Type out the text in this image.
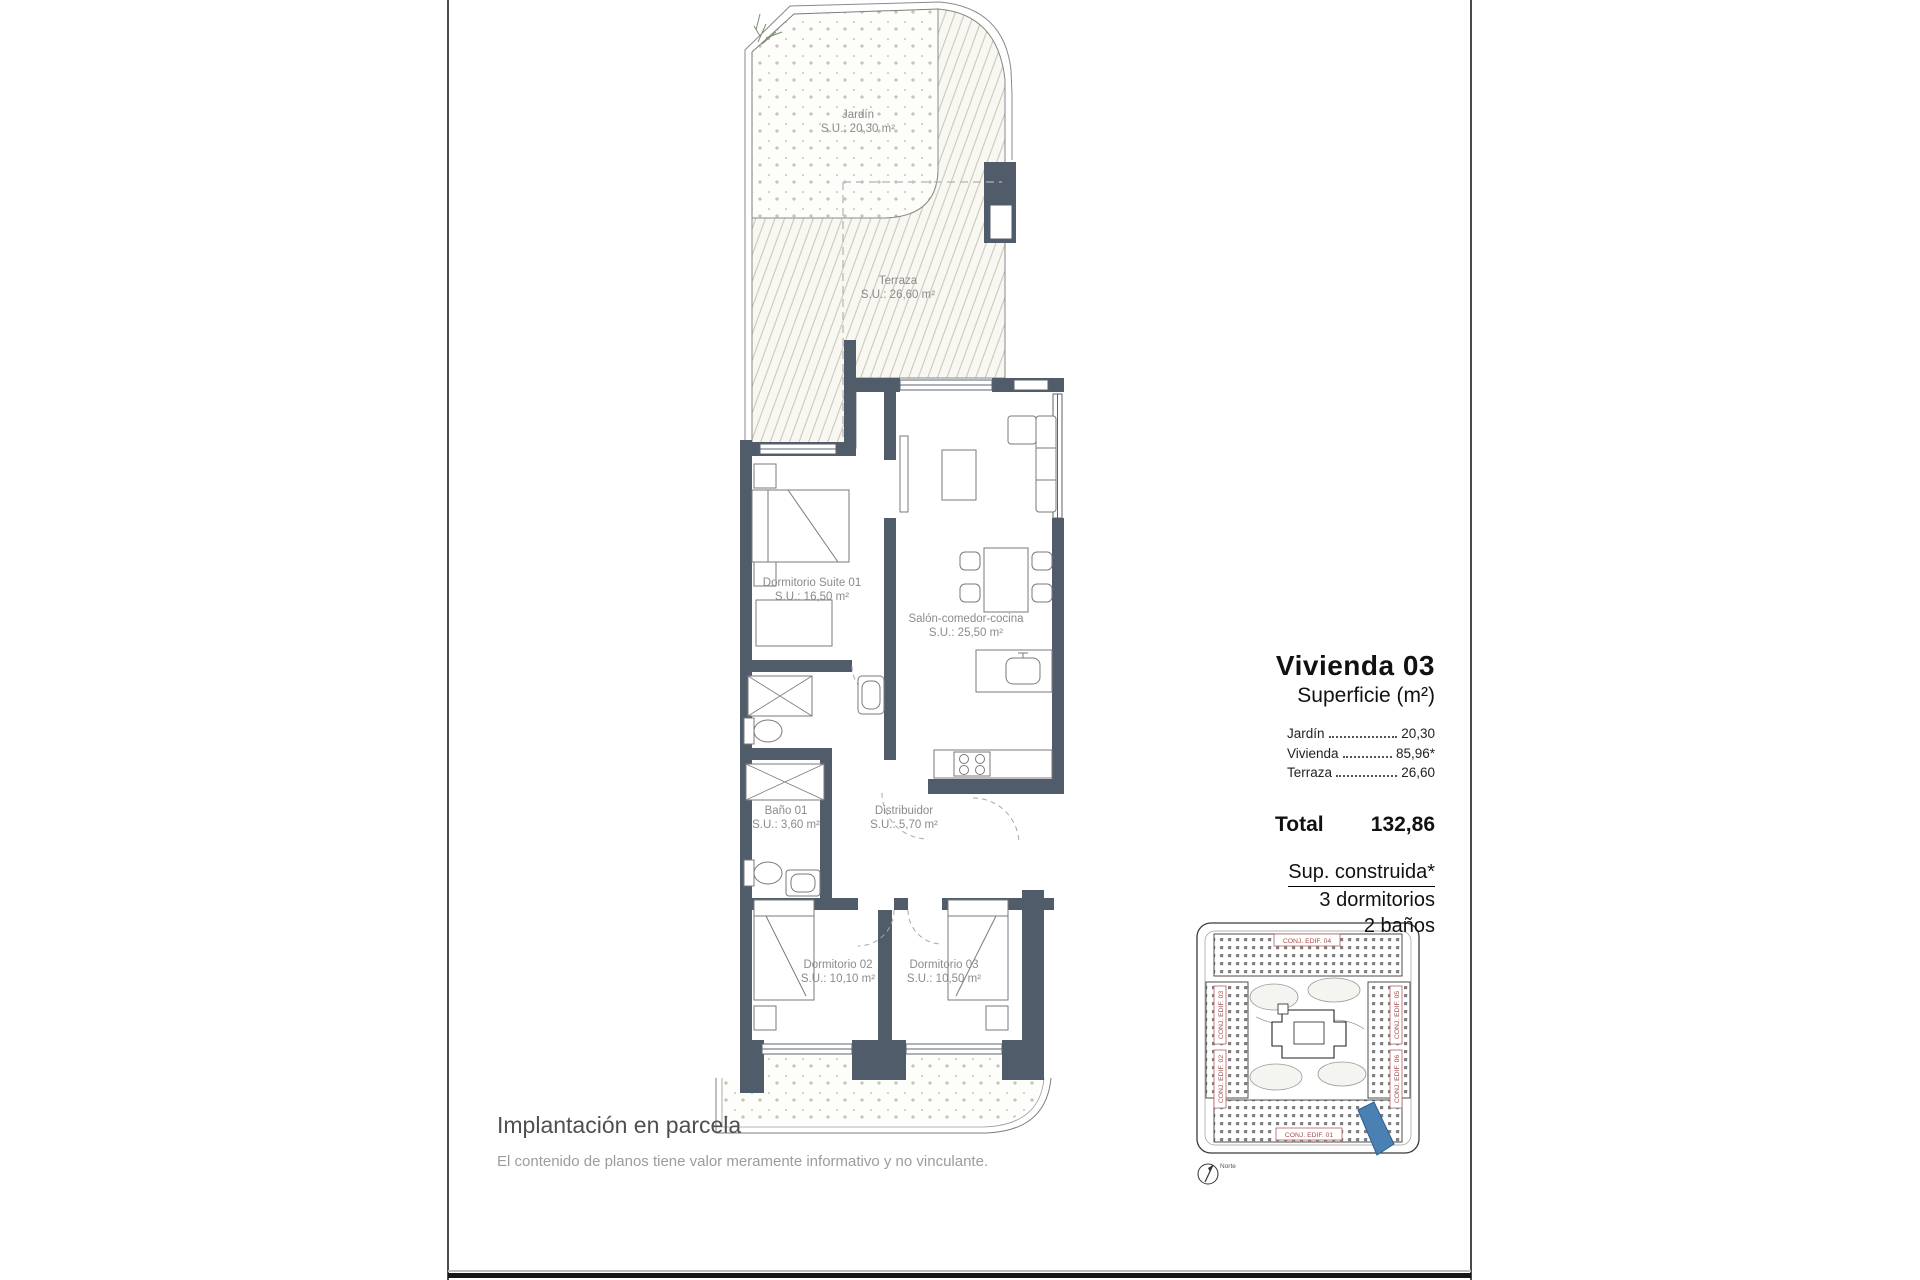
Jardín
S.U.: 20,30 m²
Terraza
S.U.: 26,60 m²
Dormitorio Suite 01
S.U.: 16,50 m²
Salón-comedor-cocina
S.U.: 25,50 m²
Baño 01
S.U.: 3,60 m²
Distribuidor
S.U.: 5,70 m²
Dormitorio 02
S.U.: 10,10 m²
Dormitorio 03
S.U.: 10,50 m²
CONJ. EDIF. 04
CONJ. EDIF. 01
CONJ. EDIF. 03
CONJ. EDIF. 02
CONJ. EDIF. 05
CONJ. EDIF. 06
Norte
Vivienda 03
Superficie (m²)
Jardín	20,30
Vivienda	85,96*
Terraza	26,60
Total 132,86
Sup. construida*
3 dormitorios
2 baños
Implantación en parcela
El contenido de planos tiene valor meramente informativo y no vinculante.
